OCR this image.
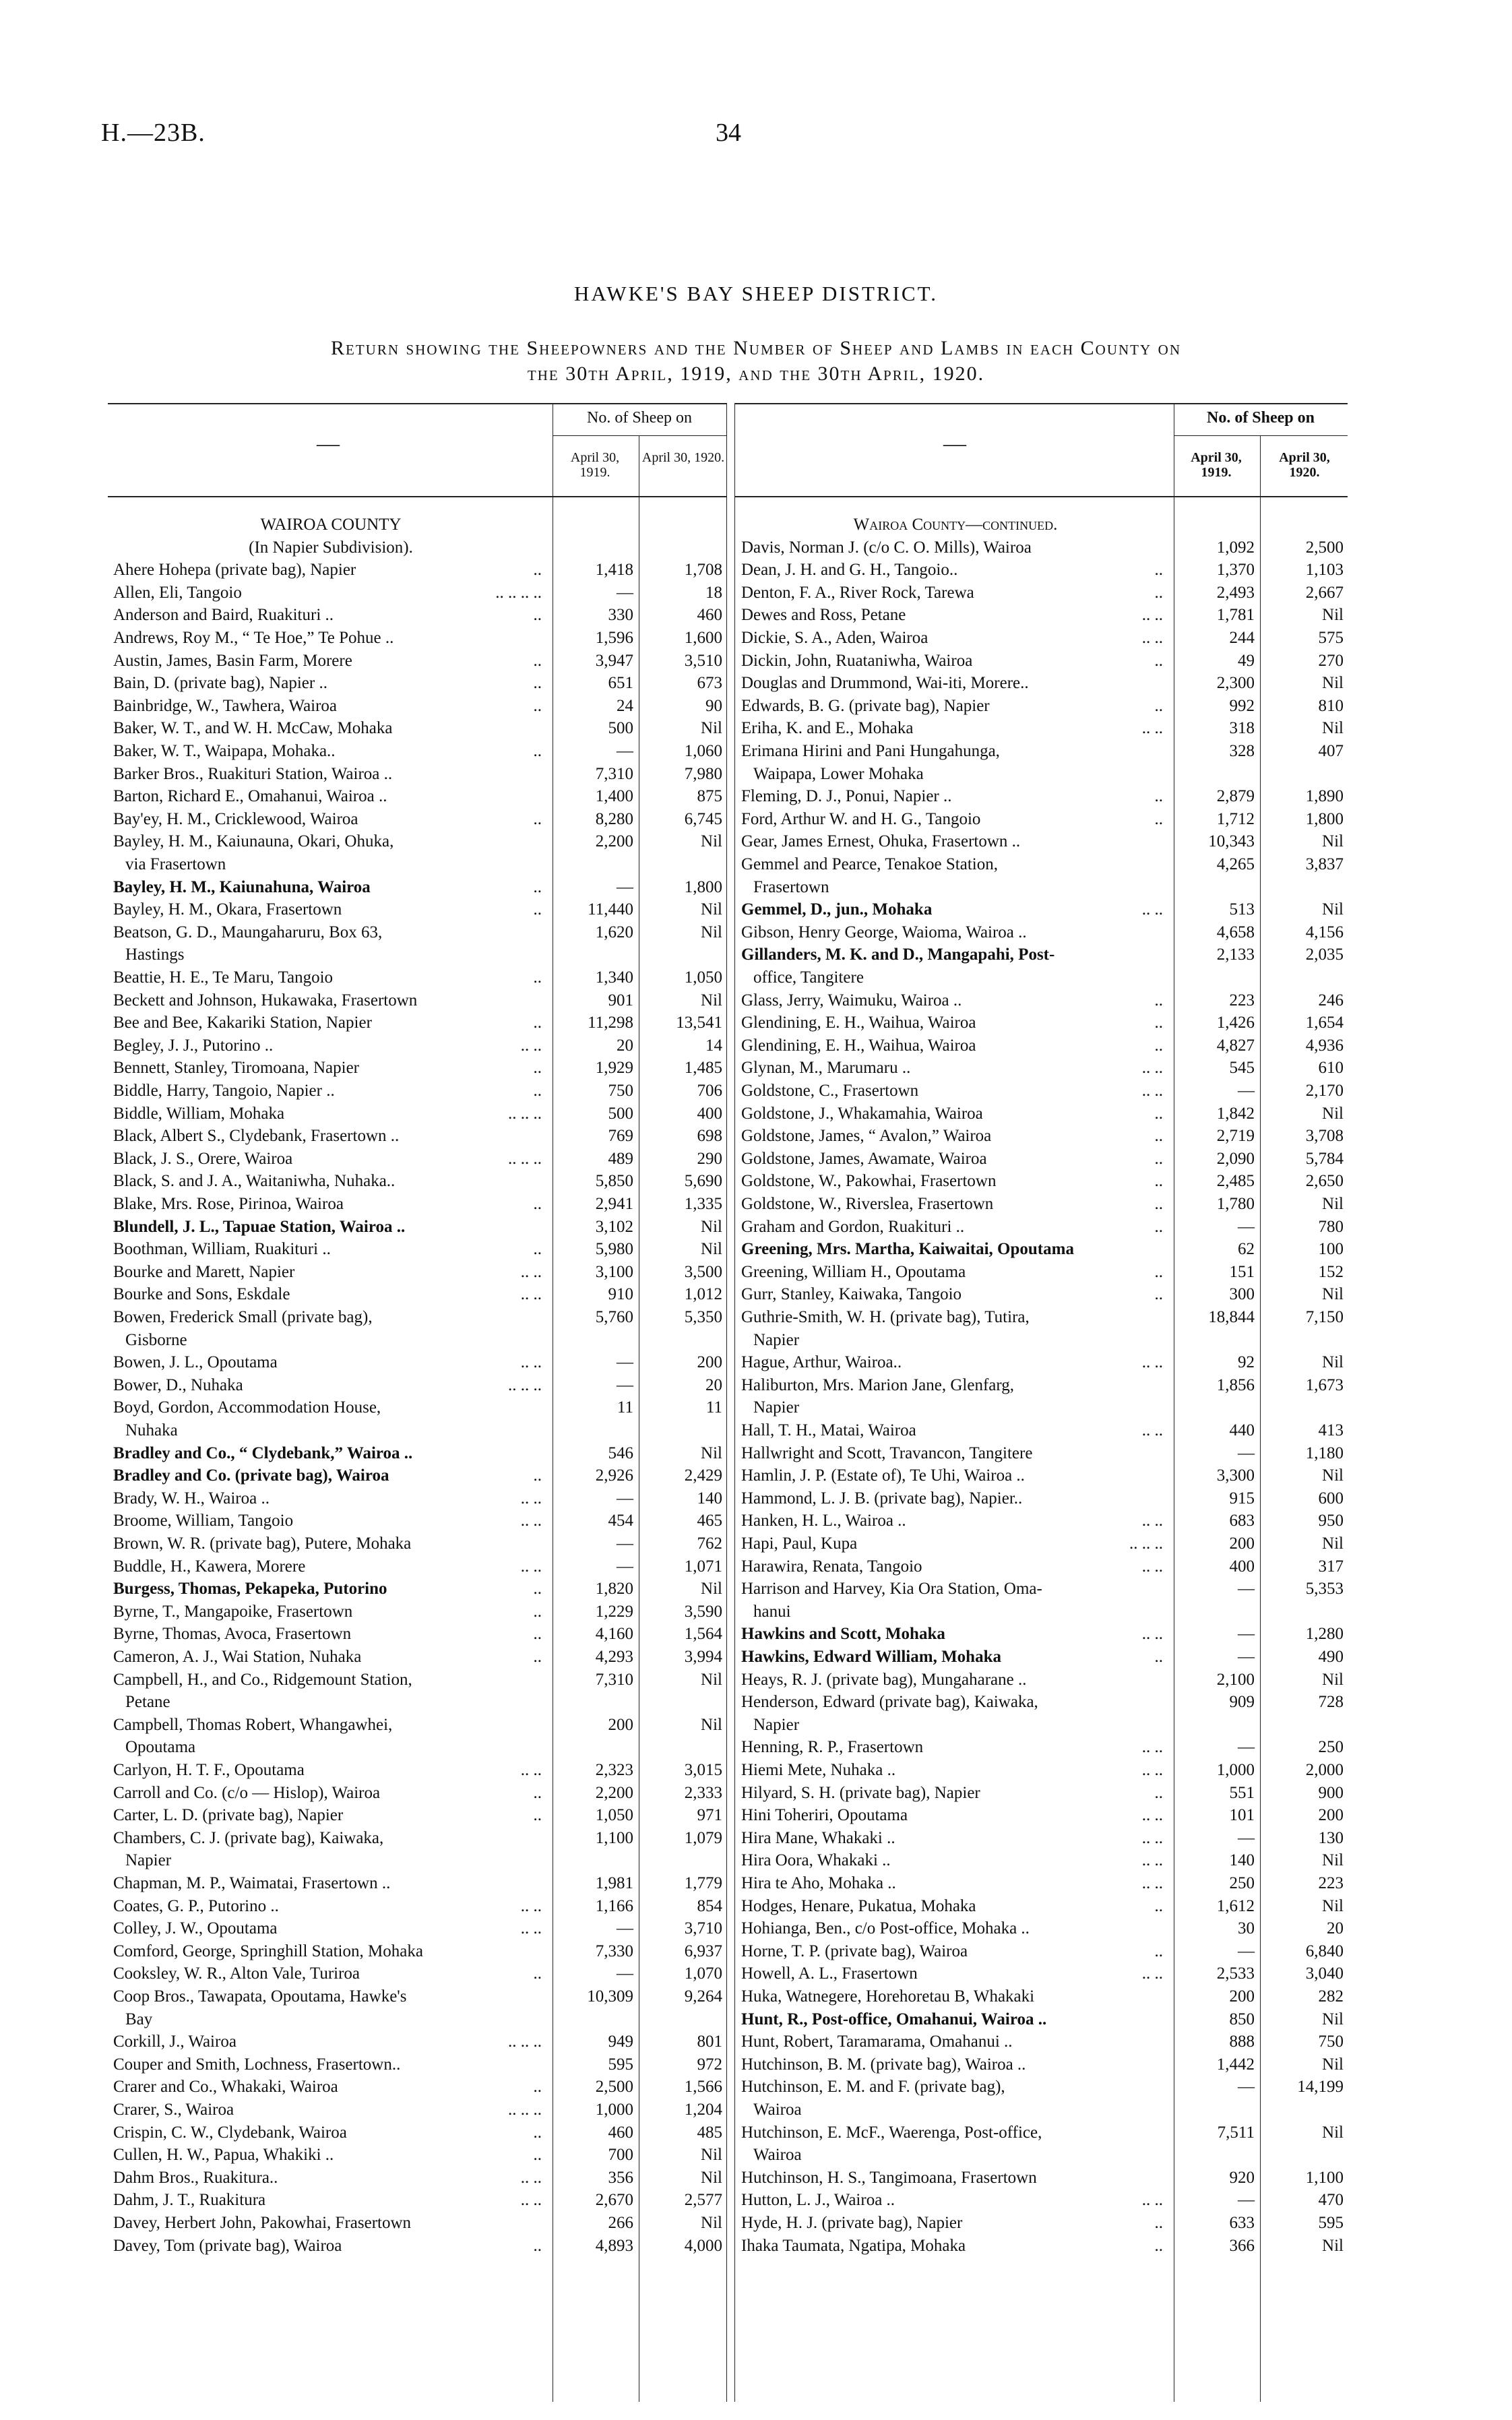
H.—23B.	34
HAWKE'S BAY SHEEP DISTRICT.
Return showing the Sheepowners and the Number of Sheep and Lambs in each County on
the 30th April, 1919, and the 30th April, 1920.
—
No. of Sheep on
April 30, 1919.
April 30, 1920.
—
No. of Sheep on
April 30, 1919.
April 30, 1920.
WAIROA COUNTY
(In Napier Subdivision).
Ahere Hohepa (private bag), Napier	..	1,418	1,708
Allen, Eli, Tangoio	.. .. .. ..	—	18
Anderson and Baird, Ruakituri ..	..	330	460
Andrews, Roy M., “ Te Hoe,” Te Pohue ..	1,596	1,600
Austin, James, Basin Farm, Morere	..	3,947	3,510
Bain, D. (private bag), Napier ..	..	651	673
Bainbridge, W., Tawhera, Wairoa	..	24	90
Baker, W. T., and W. H. McCaw, Mohaka	500	Nil
Baker, W. T., Waipapa, Mohaka..	..	—	1,060
Barker Bros., Ruakituri Station, Wairoa ..	7,310	7,980
Barton, Richard E., Omahanui, Wairoa ..	1,400	875
Bay'ey, H. M., Cricklewood, Wairoa	..	8,280	6,745
Bayley, H. M., Kaiunauna, Okari, Ohuka,	2,200	Nil
via Frasertown
Bayley, H. M., Kaiunahuna, Wairoa	..	—	1,800
Bayley, H. M., Okara, Frasertown	..	11,440	Nil
Beatson, G. D., Maungaharuru, Box 63,	1,620	Nil
Hastings
Beattie, H. E., Te Maru, Tangoio	..	1,340	1,050
Beckett and Johnson, Hukawaka, Frasertown	901	Nil
Bee and Bee, Kakariki Station, Napier	..	11,298	13,541
Begley, J. J., Putorino ..	.. ..	20	14
Bennett, Stanley, Tiromoana, Napier	..	1,929	1,485
Biddle, Harry, Tangoio, Napier ..	..	750	706
Biddle, William, Mohaka	.. .. ..	500	400
Black, Albert S., Clydebank, Frasertown ..	769	698
Black, J. S., Orere, Wairoa	.. .. ..	489	290
Black, S. and J. A., Waitaniwha, Nuhaka..	5,850	5,690
Blake, Mrs. Rose, Pirinoa, Wairoa	..	2,941	1,335
Blundell, J. L., Tapuae Station, Wairoa ..	3,102	Nil
Boothman, William, Ruakituri ..	..	5,980	Nil
Bourke and Marett, Napier	.. ..	3,100	3,500
Bourke and Sons, Eskdale	.. ..	910	1,012
Bowen, Frederick Small (private bag),	5,760	5,350
Gisborne
Bowen, J. L., Opoutama	.. ..	—	200
Bower, D., Nuhaka	.. .. ..	—	20
Boyd, Gordon, Accommodation House,	11	11
Nuhaka
Bradley and Co., “ Clydebank,” Wairoa ..	546	Nil
Bradley and Co. (private bag), Wairoa	..	2,926	2,429
Brady, W. H., Wairoa ..	.. ..	—	140
Broome, William, Tangoio	.. ..	454	465
Brown, W. R. (private bag), Putere, Mohaka	—	762
Buddle, H., Kawera, Morere	.. ..	—	1,071
Burgess, Thomas, Pekapeka, Putorino	..	1,820	Nil
Byrne, T., Mangapoike, Frasertown	..	1,229	3,590
Byrne, Thomas, Avoca, Frasertown	..	4,160	1,564
Cameron, A. J., Wai Station, Nuhaka	..	4,293	3,994
Campbell, H., and Co., Ridgemount Station,	7,310	Nil
Petane
Campbell, Thomas Robert, Whangawhei,	200	Nil
Opoutama
Carlyon, H. T. F., Opoutama	.. ..	2,323	3,015
Carroll and Co. (c/o — Hislop), Wairoa	..	2,200	2,333
Carter, L. D. (private bag), Napier	..	1,050	971
Chambers, C. J. (private bag), Kaiwaka,	1,100	1,079
Napier
Chapman, M. P., Waimatai, Frasertown ..	1,981	1,779
Coates, G. P., Putorino ..	.. ..	1,166	854
Colley, J. W., Opoutama	.. ..	—	3,710
Comford, George, Springhill Station, Mohaka	7,330	6,937
Cooksley, W. R., Alton Vale, Turiroa	..	—	1,070
Coop Bros., Tawapata, Opoutama, Hawke's	10,309	9,264
Bay
Corkill, J., Wairoa	.. .. ..	949	801
Couper and Smith, Lochness, Frasertown..	595	972
Crarer and Co., Whakaki, Wairoa	..	2,500	1,566
Crarer, S., Wairoa	.. .. ..	1,000	1,204
Crispin, C. W., Clydebank, Wairoa	..	460	485
Cullen, H. W., Papua, Whakiki ..	..	700	Nil
Dahm Bros., Ruakitura..	.. ..	356	Nil
Dahm, J. T., Ruakitura	.. ..	2,670	2,577
Davey, Herbert John, Pakowhai, Frasertown	266	Nil
Davey, Tom (private bag), Wairoa	..	4,893	4,000
Wairoa County—continued.
Davis, Norman J. (c/o C. O. Mills), Wairoa	1,092	2,500
Dean, J. H. and G. H., Tangoio..	..	1,370	1,103
Denton, F. A., River Rock, Tarewa	..	2,493	2,667
Dewes and Ross, Petane	.. ..	1,781	Nil
Dickie, S. A., Aden, Wairoa	.. ..	244	575
Dickin, John, Ruataniwha, Wairoa	..	49	270
Douglas and Drummond, Wai-iti, Morere..	2,300	Nil
Edwards, B. G. (private bag), Napier	..	992	810
Eriha, K. and E., Mohaka	.. ..	318	Nil
Erimana Hirini and Pani Hungahunga,	328	407
Waipapa, Lower Mohaka
Fleming, D. J., Ponui, Napier ..	..	2,879	1,890
Ford, Arthur W. and H. G., Tangoio	..	1,712	1,800
Gear, James Ernest, Ohuka, Frasertown ..	10,343	Nil
Gemmel and Pearce, Tenakoe Station,	4,265	3,837
Frasertown
Gemmel, D., jun., Mohaka	.. ..	513	Nil
Gibson, Henry George, Waioma, Wairoa ..	4,658	4,156
Gillanders, M. K. and D., Mangapahi, Post-	2,133	2,035
office, Tangitere
Glass, Jerry, Waimuku, Wairoa ..	..	223	246
Glendining, E. H., Waihua, Wairoa	..	1,426	1,654
Glendining, E. H., Waihua, Wairoa	..	4,827	4,936
Glynan, M., Marumaru ..	.. ..	545	610
Goldstone, C., Frasertown	.. ..	—	2,170
Goldstone, J., Whakamahia, Wairoa	..	1,842	Nil
Goldstone, James, “ Avalon,” Wairoa	..	2,719	3,708
Goldstone, James, Awamate, Wairoa	..	2,090	5,784
Goldstone, W., Pakowhai, Frasertown	..	2,485	2,650
Goldstone, W., Riverslea, Frasertown	..	1,780	Nil
Graham and Gordon, Ruakituri ..	..	—	780
Greening, Mrs. Martha, Kaiwaitai, Opoutama	62	100
Greening, William H., Opoutama	..	151	152
Gurr, Stanley, Kaiwaka, Tangoio	..	300	Nil
Guthrie-Smith, W. H. (private bag), Tutira,	18,844	7,150
Napier
Hague, Arthur, Wairoa..	.. ..	92	Nil
Haliburton, Mrs. Marion Jane, Glenfarg,	1,856	1,673
Napier
Hall, T. H., Matai, Wairoa	.. ..	440	413
Hallwright and Scott, Travancon, Tangitere	—	1,180
Hamlin, J. P. (Estate of), Te Uhi, Wairoa ..	3,300	Nil
Hammond, L. J. B. (private bag), Napier..	915	600
Hanken, H. L., Wairoa ..	.. ..	683	950
Hapi, Paul, Kupa	.. .. ..	200	Nil
Harawira, Renata, Tangoio	.. ..	400	317
Harrison and Harvey, Kia Ora Station, Oma-	—	5,353
hanui
Hawkins and Scott, Mohaka	.. ..	—	1,280
Hawkins, Edward William, Mohaka	..	—	490
Heays, R. J. (private bag), Mungaharane ..	2,100	Nil
Henderson, Edward (private bag), Kaiwaka,	909	728
Napier
Henning, R. P., Frasertown	.. ..	—	250
Hiemi Mete, Nuhaka ..	.. ..	1,000	2,000
Hilyard, S. H. (private bag), Napier	..	551	900
Hini Toheriri, Opoutama	.. ..	101	200
Hira Mane, Whakaki ..	.. ..	—	130
Hira Oora, Whakaki ..	.. ..	140	Nil
Hira te Aho, Mohaka ..	.. ..	250	223
Hodges, Henare, Pukatua, Mohaka	..	1,612	Nil
Hohianga, Ben., c/o Post-office, Mohaka ..	30	20
Horne, T. P. (private bag), Wairoa	..	—	6,840
Howell, A. L., Frasertown	.. ..	2,533	3,040
Huka, Watnegere, Horehoretau B, Whakaki	200	282
Hunt, R., Post-office, Omahanui, Wairoa ..	850	Nil
Hunt, Robert, Taramarama, Omahanui ..	888	750
Hutchinson, B. M. (private bag), Wairoa ..	1,442	Nil
Hutchinson, E. M. and F. (private bag),	—	14,199
Wairoa
Hutchinson, E. McF., Waerenga, Post-office,	7,511	Nil
Wairoa
Hutchinson, H. S., Tangimoana, Frasertown	920	1,100
Hutton, L. J., Wairoa ..	.. ..	—	470
Hyde, H. J. (private bag), Napier	..	633	595
Ihaka Taumata, Ngatipa, Mohaka	..	366	Nil
